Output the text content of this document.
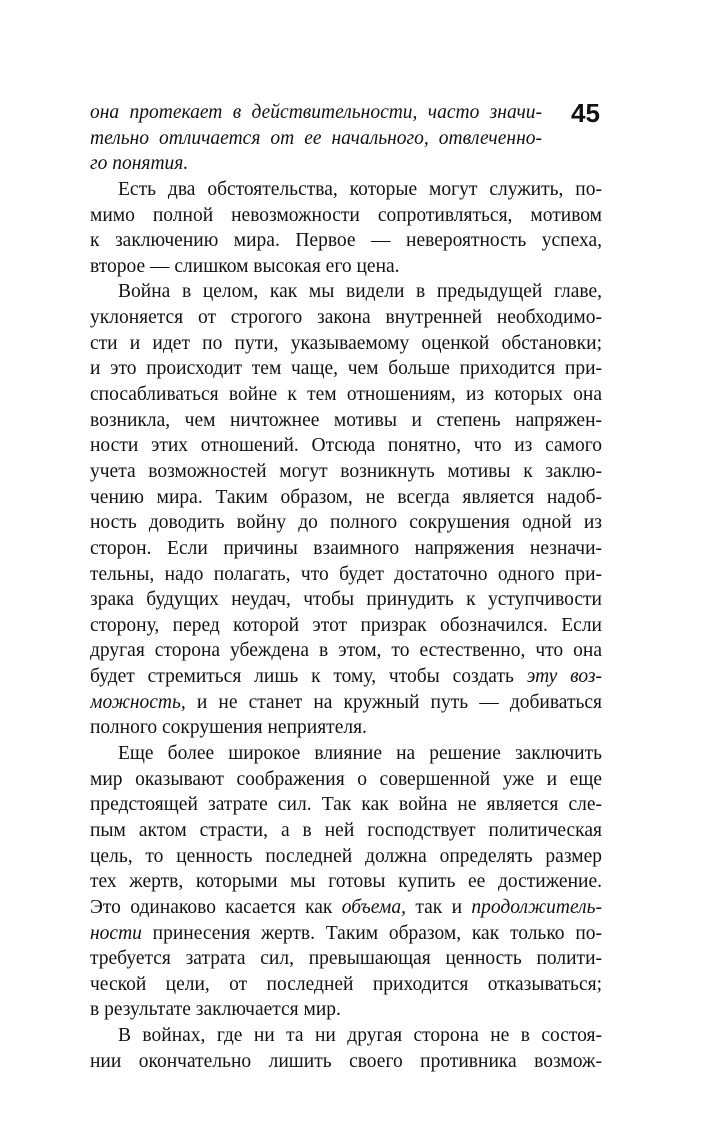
45
она протекает в действительности, часто значи-
тельно отличается от ее начального, отвлеченно-
го понятия.
Есть два обстоятельства, которые могут служить, по-
мимо полной невозможности сопротивляться, мотивом
к заключению мира. Первое — невероятность успеха,
второе — слишком высокая его цена.
Война в целом, как мы видели в предыдущей главе,
уклоняется от строгого закона внутренней необходимо-
сти и идет по пути, указываемому оценкой обстановки;
и это происходит тем чаще, чем больше приходится при-
спосабливаться войне к тем отношениям, из которых она
возникла, чем ничтожнее мотивы и степень напряжен-
ности этих отношений. Отсюда понятно, что из самого
учета возможностей могут возникнуть мотивы к заклю-
чению мира. Таким образом, не всегда является надоб-
ность доводить войну до полного сокрушения одной из
сторон. Если причины взаимного напряжения незначи-
тельны, надо полагать, что будет достаточно одного при-
зрака будущих неудач, чтобы принудить к уступчивости
сторону, перед которой этот призрак обозначился. Если
другая сторона убеждена в этом, то естественно, что она
будет стремиться лишь к тому, чтобы создать эту воз-
можность, и не станет на кружный путь — добиваться
полного сокрушения неприятеля.
Еще более широкое влияние на решение заключить
мир оказывают соображения о совершенной уже и еще
предстоящей затрате сил. Так как война не является сле-
пым актом страсти, а в ней господствует политическая
цель, то ценность последней должна определять размер
тех жертв, которыми мы готовы купить ее достижение.
Это одинаково касается как объема, так и продолжитель-
ности принесения жертв. Таким образом, как только по-
требуется затрата сил, превышающая ценность полити-
ческой цели, от последней приходится отказываться;
в результате заключается мир.
В войнах, где ни та ни другая сторона не в состоя-
нии окончательно лишить своего противника возмож-
